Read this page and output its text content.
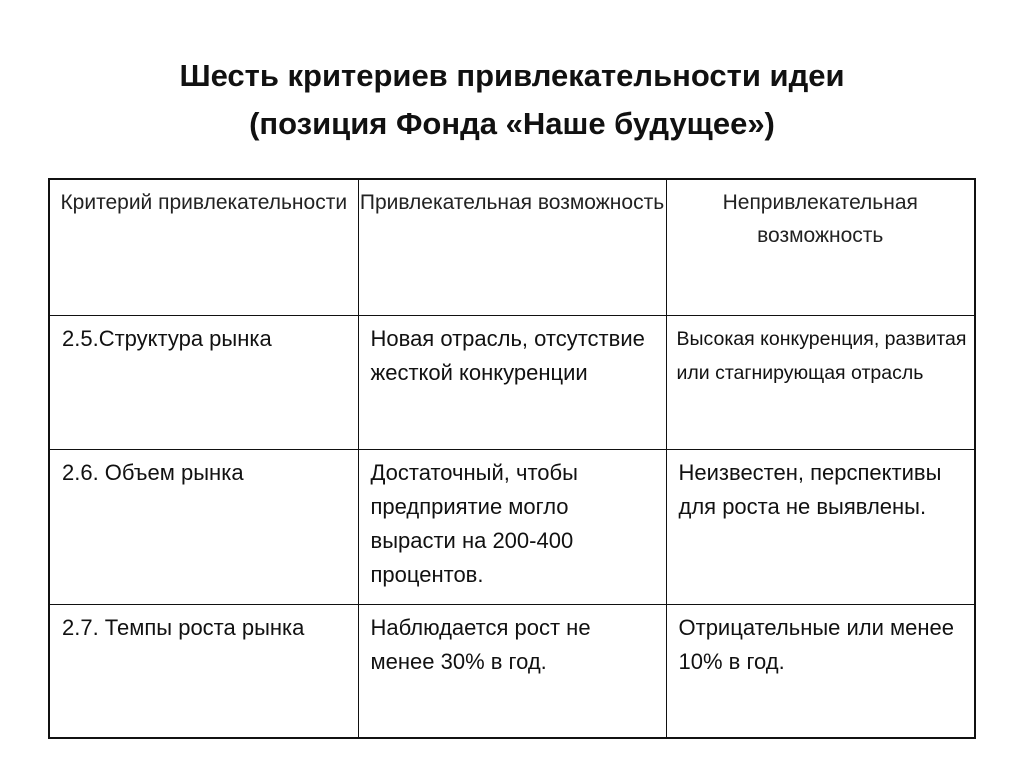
Шесть критериев привлекательности идеи
(позиция Фонда «Наше будущее»)
Критерий привлекательности	Привлекательная возможность	Непривлекательная возможность
2.5.Структура рынка	Новая отрасль, отсутствие жесткой конкуренции	Высокая конкуренция, развитая или стагнирующая отрасль
2.6. Объем рынка	Достаточный, чтобы предприятие могло вырасти на 200-400 процентов.	Неизвестен, перспективы для роста не выявлены.
2.7. Темпы роста рынка	Наблюдается рост не менее 30% в год.	Отрицательные или менее 10% в год.
